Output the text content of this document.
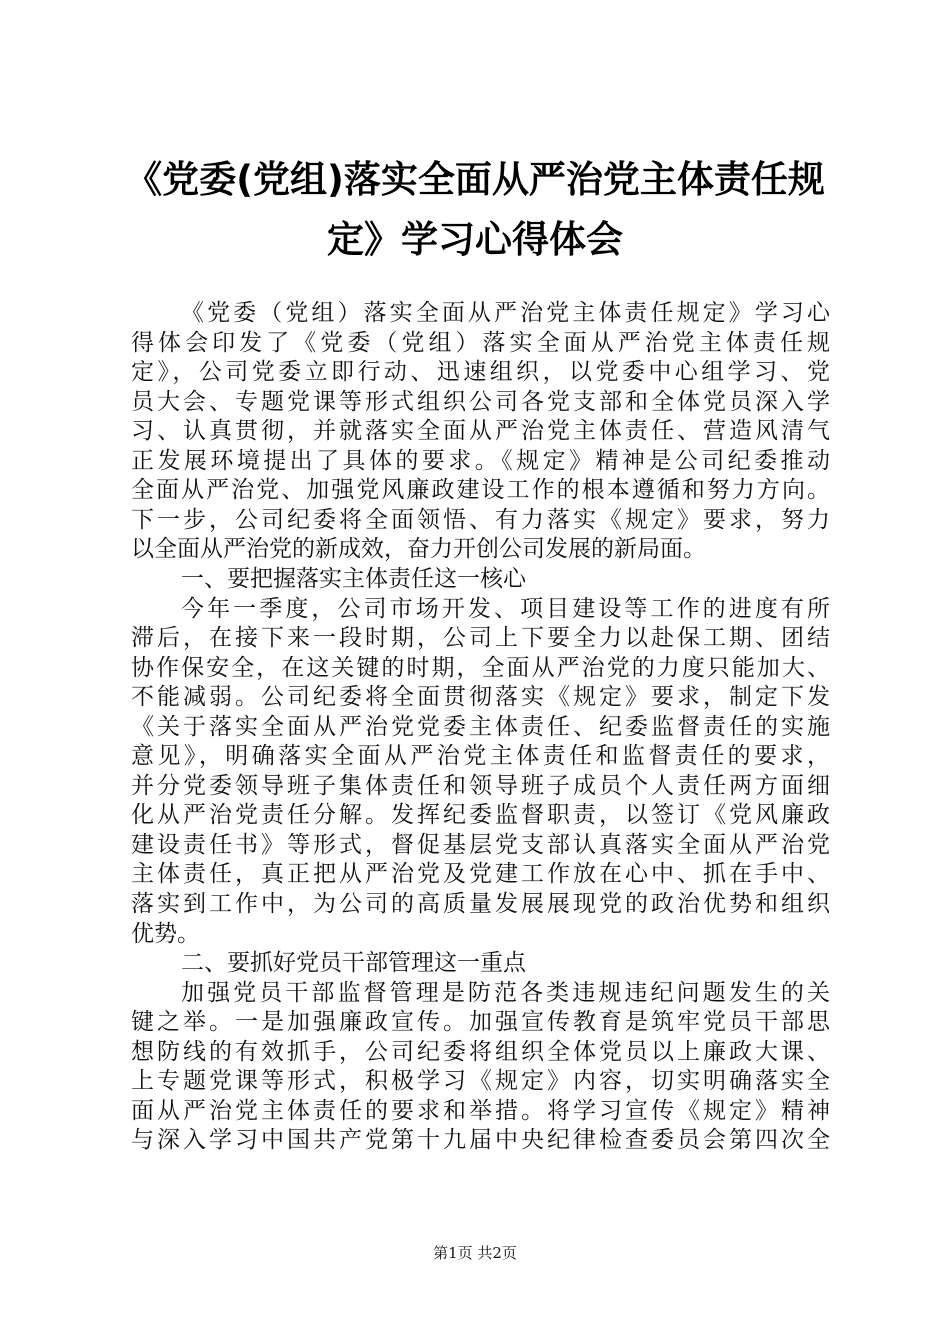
《党委(党组)落实全面从严治党主体责任规
定》学习心得体会
《党委（党组）落实全面从严治党主体责任规定》学习心
得体会印发了《党委（党组）落实全面从严治党主体责任规
定》，公司党委立即行动、迅速组织，以党委中心组学习、党
员大会、专题党课等形式组织公司各党支部和全体党员深入学
习、认真贯彻，并就落实全面从严治党主体责任、营造风清气
正发展环境提出了具体的要求。《规定》精神是公司纪委推动
全面从严治党、加强党风廉政建设工作的根本遵循和努力方向。
下一步，公司纪委将全面领悟、有力落实《规定》要求，努力
以全面从严治党的新成效，奋力开创公司发展的新局面。
一、要把握落实主体责任这一核心
今年一季度，公司市场开发、项目建设等工作的进度有所
滞后，在接下来一段时期，公司上下要全力以赴保工期、团结
协作保安全，在这关键的时期，全面从严治党的力度只能加大、
不能减弱。公司纪委将全面贯彻落实《规定》要求，制定下发
《关于落实全面从严治党党委主体责任、纪委监督责任的实施
意见》，明确落实全面从严治党主体责任和监督责任的要求，
并分党委领导班子集体责任和领导班子成员个人责任两方面细
化从严治党责任分解。发挥纪委监督职责，以签订《党风廉政
建设责任书》等形式，督促基层党支部认真落实全面从严治党
主体责任，真正把从严治党及党建工作放在心中、抓在手中、
落实到工作中，为公司的高质量发展展现党的政治优势和组织
优势。
二、要抓好党员干部管理这一重点
加强党员干部监督管理是防范各类违规违纪问题发生的关
键之举。一是加强廉政宣传。加强宣传教育是筑牢党员干部思
想防线的有效抓手，公司纪委将组织全体党员以上廉政大课、
上专题党课等形式，积极学习《规定》内容，切实明确落实全
面从严治党主体责任的要求和举措。将学习宣传《规定》精神
与深入学习中国共产党第十九届中央纪律检查委员会第四次全
第1页 共2页
